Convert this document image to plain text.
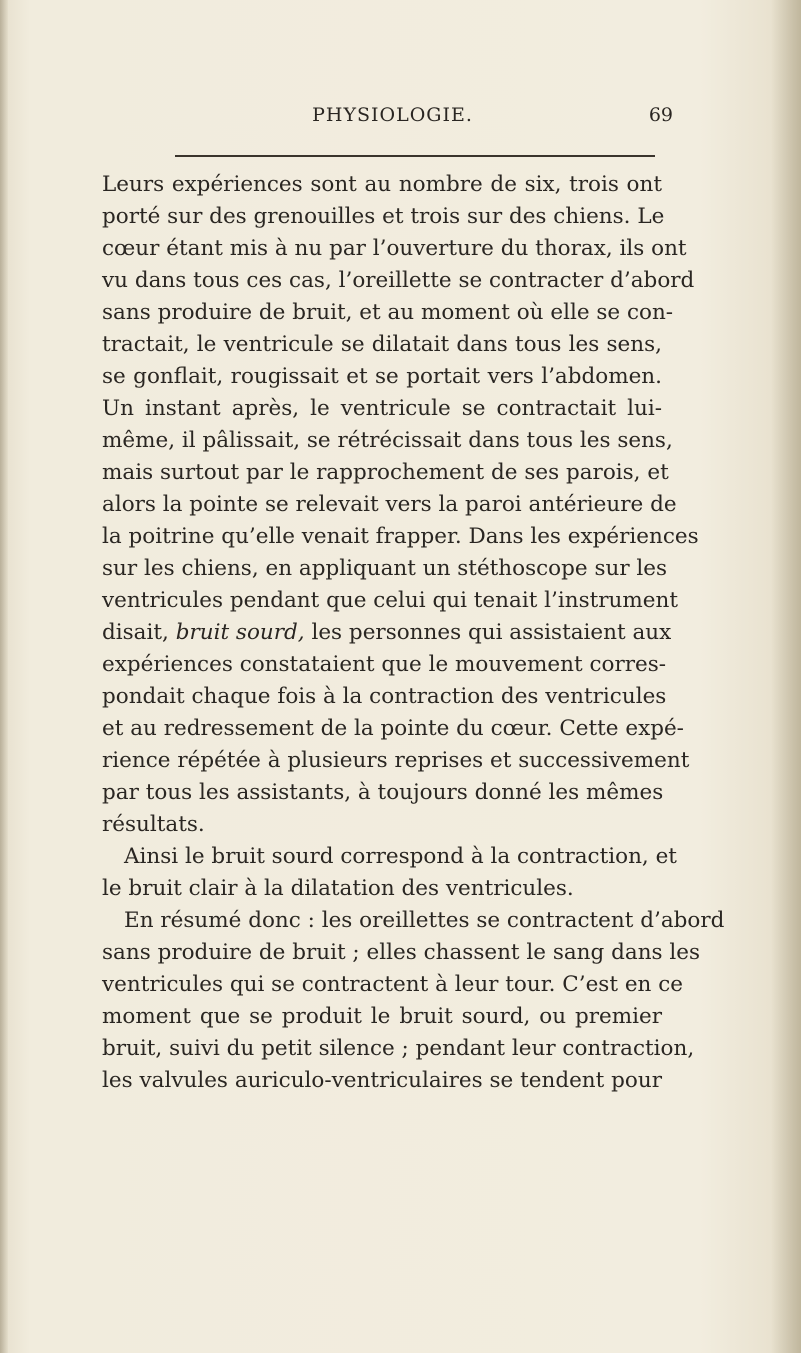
PHYSIOLOGIE.	69
Leurs expériences sont au nombre de six, trois ont
porté sur des grenouilles et trois sur des chiens. Le
cœur étant mis à nu par l’ouverture du thorax, ils ont
vu dans tous ces cas, l’oreillette se contracter d’abord
sans produire de bruit, et au moment où elle se con-
tractait, le ventricule se dilatait dans tous les sens,
se gonflait, rougissait et se portait vers l’abdomen.
Un instant après, le ventricule se contractait lui-
même, il pâlissait, se rétrécissait dans tous les sens,
mais surtout par le rapprochement de ses parois, et
alors la pointe se relevait vers la paroi antérieure de
la poitrine qu’elle venait frapper. Dans les expériences
sur les chiens, en appliquant un stéthoscope sur les
ventricules pendant que celui qui tenait l’instrument
disait, bruit sourd, les personnes qui assistaient aux
expériences constataient que le mouvement corres-
pondait chaque fois à la contraction des ventricules
et au redressement de la pointe du cœur. Cette expé-
rience répétée à plusieurs reprises et successivement
par tous les assistants, à toujours donné les mêmes
résultats.
Ainsi le bruit sourd correspond à la contraction, et
le bruit clair à la dilatation des ventricules.
En résumé donc : les oreillettes se contractent d’abord
sans produire de bruit ; elles chassent le sang dans les
ventricules qui se contractent à leur tour. C’est en ce
moment que se produit le bruit sourd, ou premier
bruit, suivi du petit silence ; pendant leur contraction,
les valvules auriculo-ventriculaires se tendent pour
